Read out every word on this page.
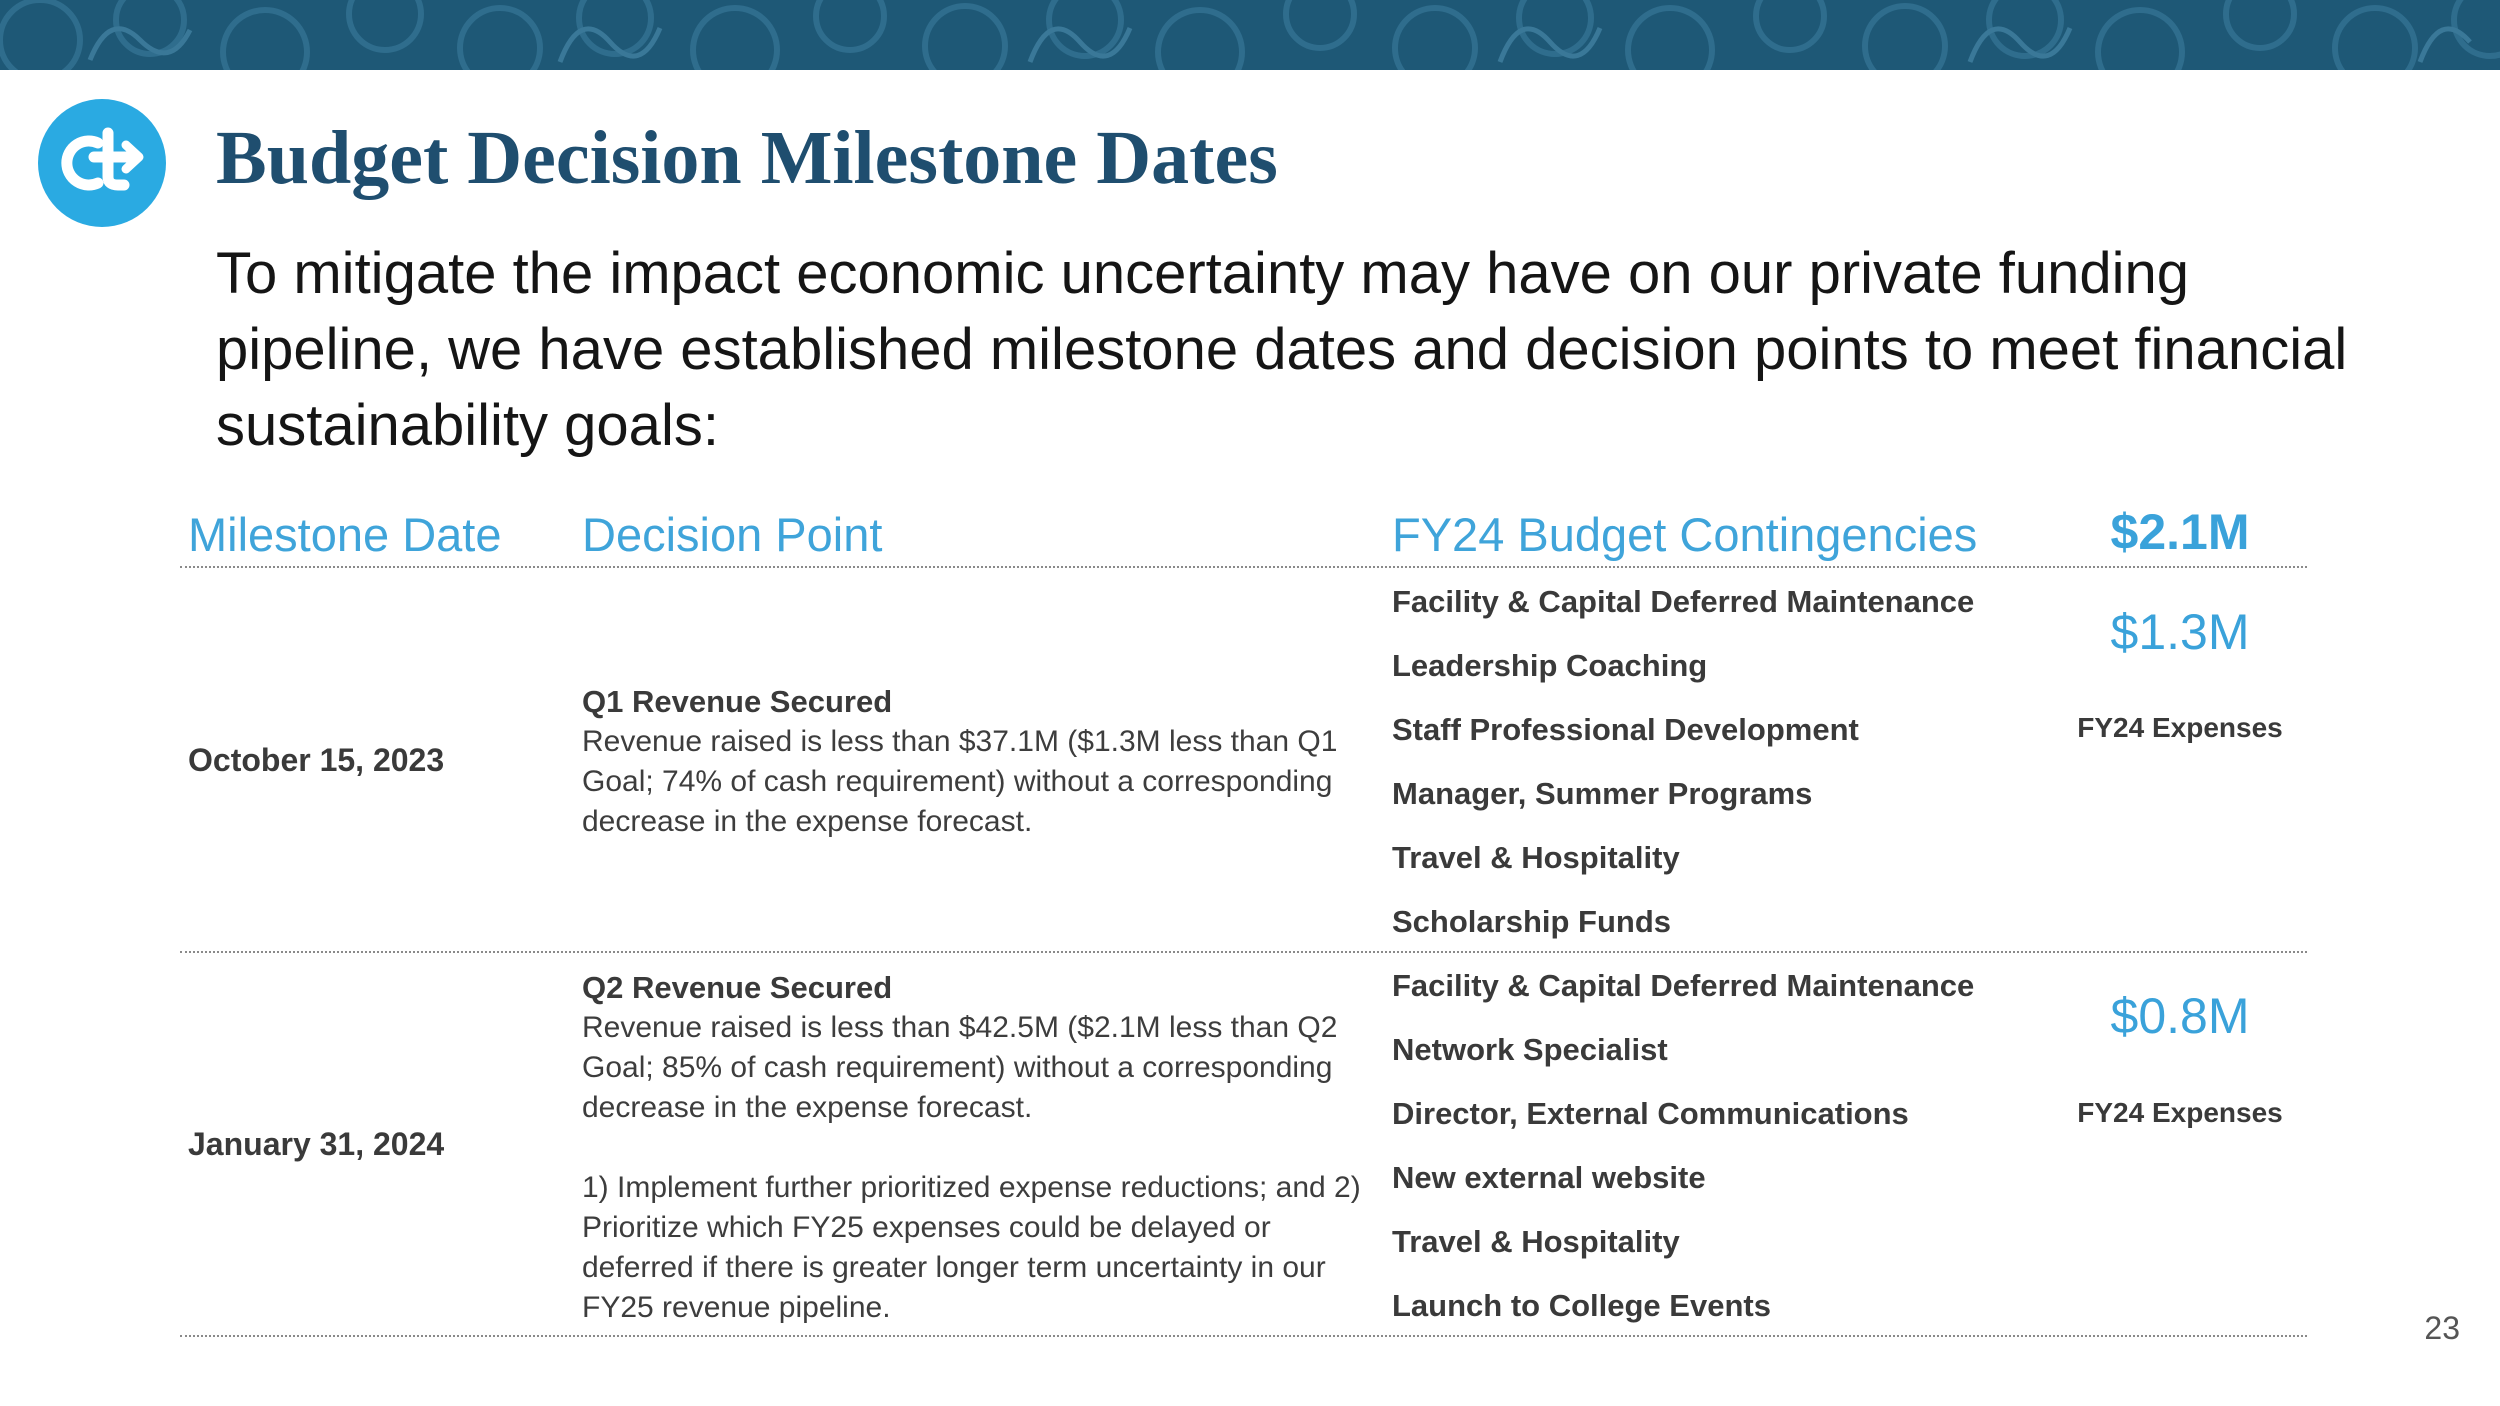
Budget Decision Milestone Dates

To mitigate the impact economic uncertainty may have on our private funding pipeline, we have established milestone dates and decision points to meet financial sustainability goals:

Milestone Date Decision Point	FY24 Budget Contingencies	$2.1M
October 15, 2023
Q1 Revenue Secured
Revenue raised is less than $37.1M ($1.3M less than Q1 Goal; 74% of cash requirement) without a corresponding decrease in the expense forecast.
Facility & Capital Deferred Maintenance
Leadership Coaching
Staff Professional Development
Manager, Summer Programs
Travel & Hospitality
Scholarship Funds
$1.3M
FY24 Expenses
January 31, 2024
Q2 Revenue Secured
Revenue raised is less than $42.5M ($2.1M less than Q2 Goal; 85% of cash requirement) without a corresponding decrease in the expense forecast.
1) Implement further prioritized expense reductions; and 2) Prioritize which FY25 expenses could be delayed or deferred if there is greater longer term uncertainty in our FY25 revenue pipeline.
Facility & Capital Deferred Maintenance
Network Specialist
Director, External Communications
New external website
Travel & Hospitality
Launch to College Events
$0.8M
FY24 Expenses
23
